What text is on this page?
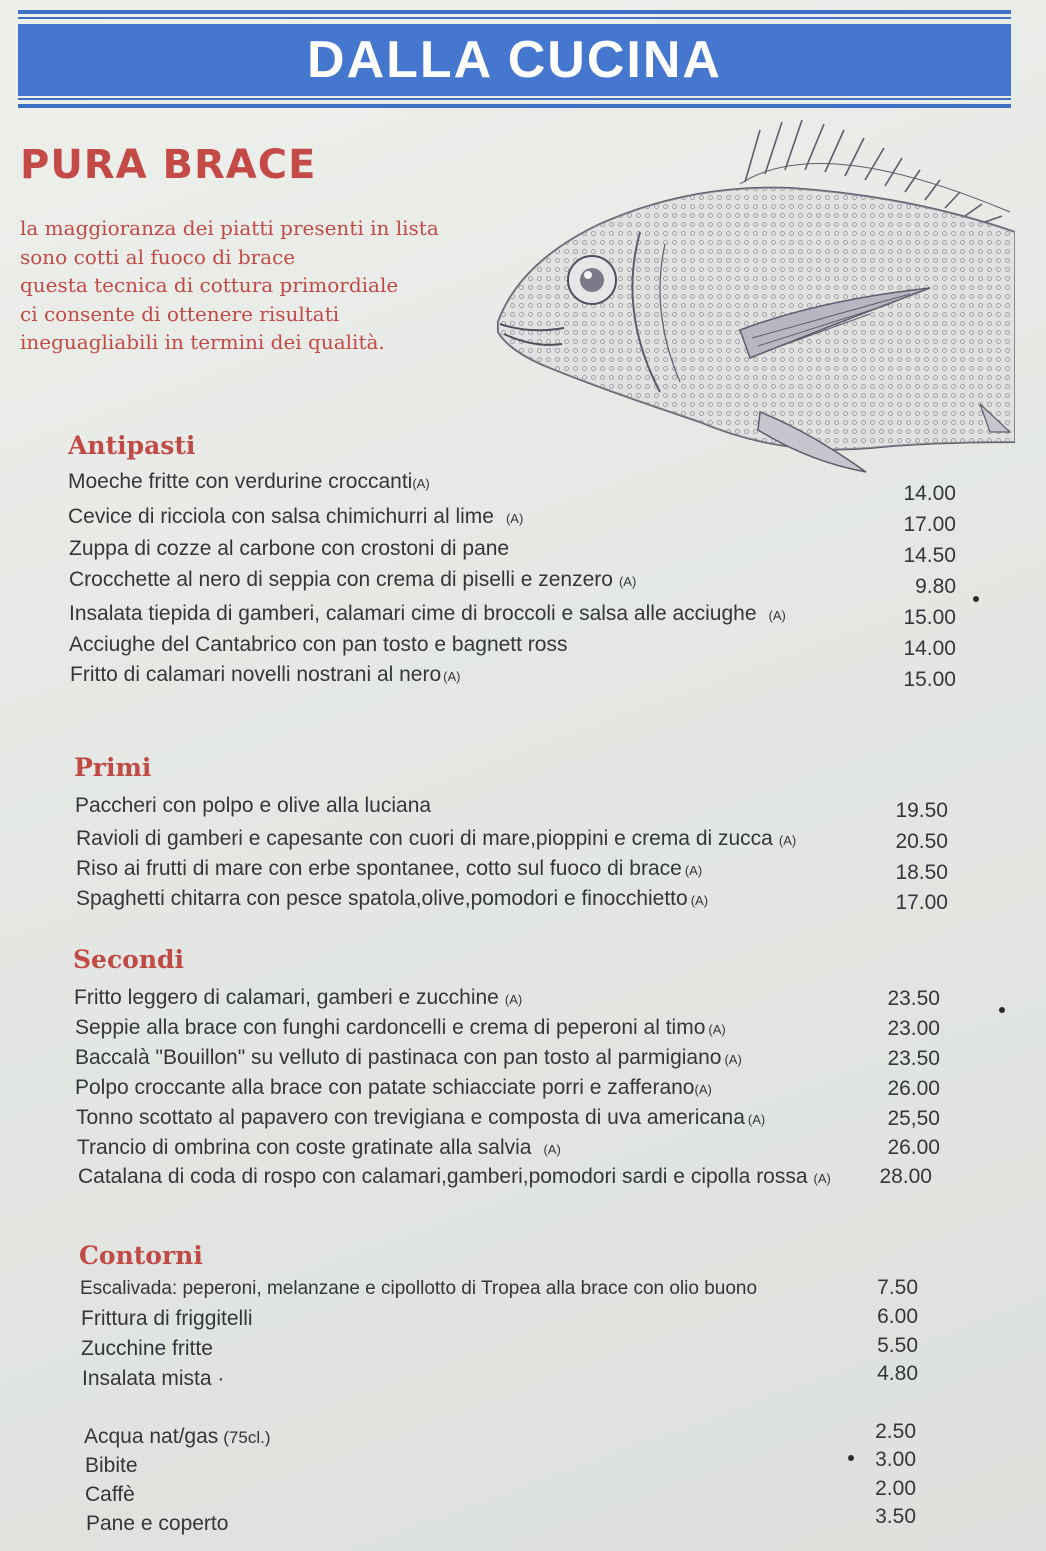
DALLA CUCINA
PURA BRACE
la maggioranza dei piatti presenti in lista
sono cotti al fuoco di brace
questa tecnica di cottura primordiale
ci consente di ottenere risultati
ineguagliabili in termini dei qualità.
Antipasti
Moeche fritte con verdurine croccanti(A)	14.00
Cevice di ricciola con salsa chimichurri al lime (A)	17.00
Zuppa di cozze al carbone con crostoni di pane	14.50
Crocchette al nero di seppia con crema di piselli e zenzero (A)	9.80
Insalata tiepida di gamberi, calamari cime di broccoli e salsa alle acciughe (A)	15.00
Acciughe del Cantabrico con pan tosto e bagnett ross	14.00
Fritto di calamari novelli nostrani al nero (A)	15.00
Primi
Paccheri con polpo e olive alla luciana	19.50
Ravioli di gamberi e capesante con cuori di mare,pioppini e crema di zucca (A)	20.50
Riso ai frutti di mare con erbe spontanee, cotto sul fuoco di brace (A)	18.50
Spaghetti chitarra con pesce spatola,olive,pomodori e finocchietto (A)	17.00
Secondi
Fritto leggero di calamari, gamberi e zucchine (A)	23.50
Seppie alla brace con funghi cardoncelli e crema di peperoni al timo (A)	23.00
Baccalà "Bouillon" su velluto di pastinaca con pan tosto al parmigiano (A)	23.50
Polpo croccante alla brace con patate schiacciate porri e zafferano(A)	26.00
Tonno scottato al papavero con trevigiana e composta di uva americana (A)	25,50
Trancio di ombrina con coste gratinate alla salvia (A)	26.00
Catalana di coda di rospo con calamari,gamberi,pomodori sardi e cipolla rossa (A)	28.00
Contorni
Escalivada: peperoni, melanzane e cipollotto di Tropea alla brace con olio buono	7.50
Frittura di friggitelli	6.00
Zucchine fritte	5.50
Insalata mista ·	4.80
Acqua nat/gas (75cl.)	2.50
Bibite	3.00
Caffè	2.00
Pane e coperto	3.50
